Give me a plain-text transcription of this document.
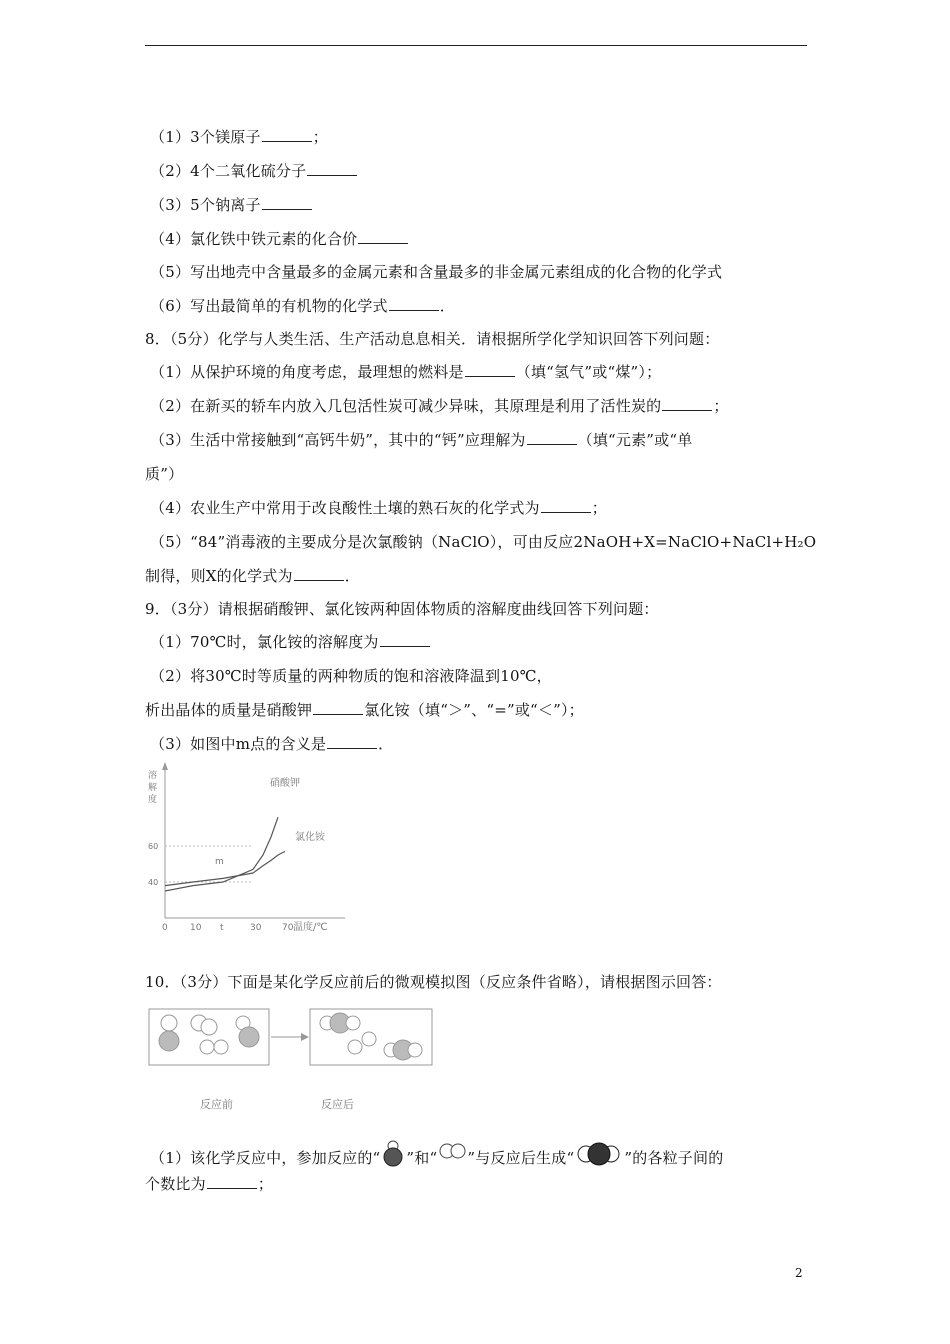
（1）3个镁原子	；
（2）4个二氧化硫分子
（3）5个钠离子
（4）氯化铁中铁元素的化合价
（5）写出地壳中含量最多的金属元素和含量最多的非金属元素组成的化合物的化学式
（6）写出最简单的有机物的化学式	．
8．（5分）化学与人类生活、生产活动息息相关．请根据所学化学知识回答下列问题：
（1）从保护环境的角度考虑，最理想的燃料是	（填“氢气”或“煤”）；
（2）在新买的轿车内放入几包活性炭可减少异味，其原理是利用了活性炭的	；
（3）生活中常接触到“高钙牛奶”，其中的“钙”应理解为	（填“元素”或“单
质”）
（4）农业生产中常用于改良酸性土壤的熟石灰的化学式为	；
（5）“84”消毒液的主要成分是次氯酸钠（NaClO），可由反应2NaOH+X=NaClO+NaCl+H₂O
制得，则X的化学式为	．
9．（3分）请根据硝酸钾、氯化铵两种固体物质的溶解度曲线回答下列问题：
（1）70℃时，氯化铵的溶解度为
（2）将30℃时等质量的两种物质的饱和溶液降温到10℃，
析出晶体的质量是硝酸钾	氯化铵（填“＞”、“=”或“＜”）；
（3）如图中m点的含义是	．
溶
解
度
0 10 t	30 70
40
60
硝酸钾
氯化铵
m
温度/℃
10．（3分）下面是某化学反应前后的微观模拟图（反应条件省略），请根据图示回答：
反应前	反应后
（1）该化学反应中，参加反应的“ ”和“ ”与反应后生成“	”的各粒子间的
个数比为	；
2
